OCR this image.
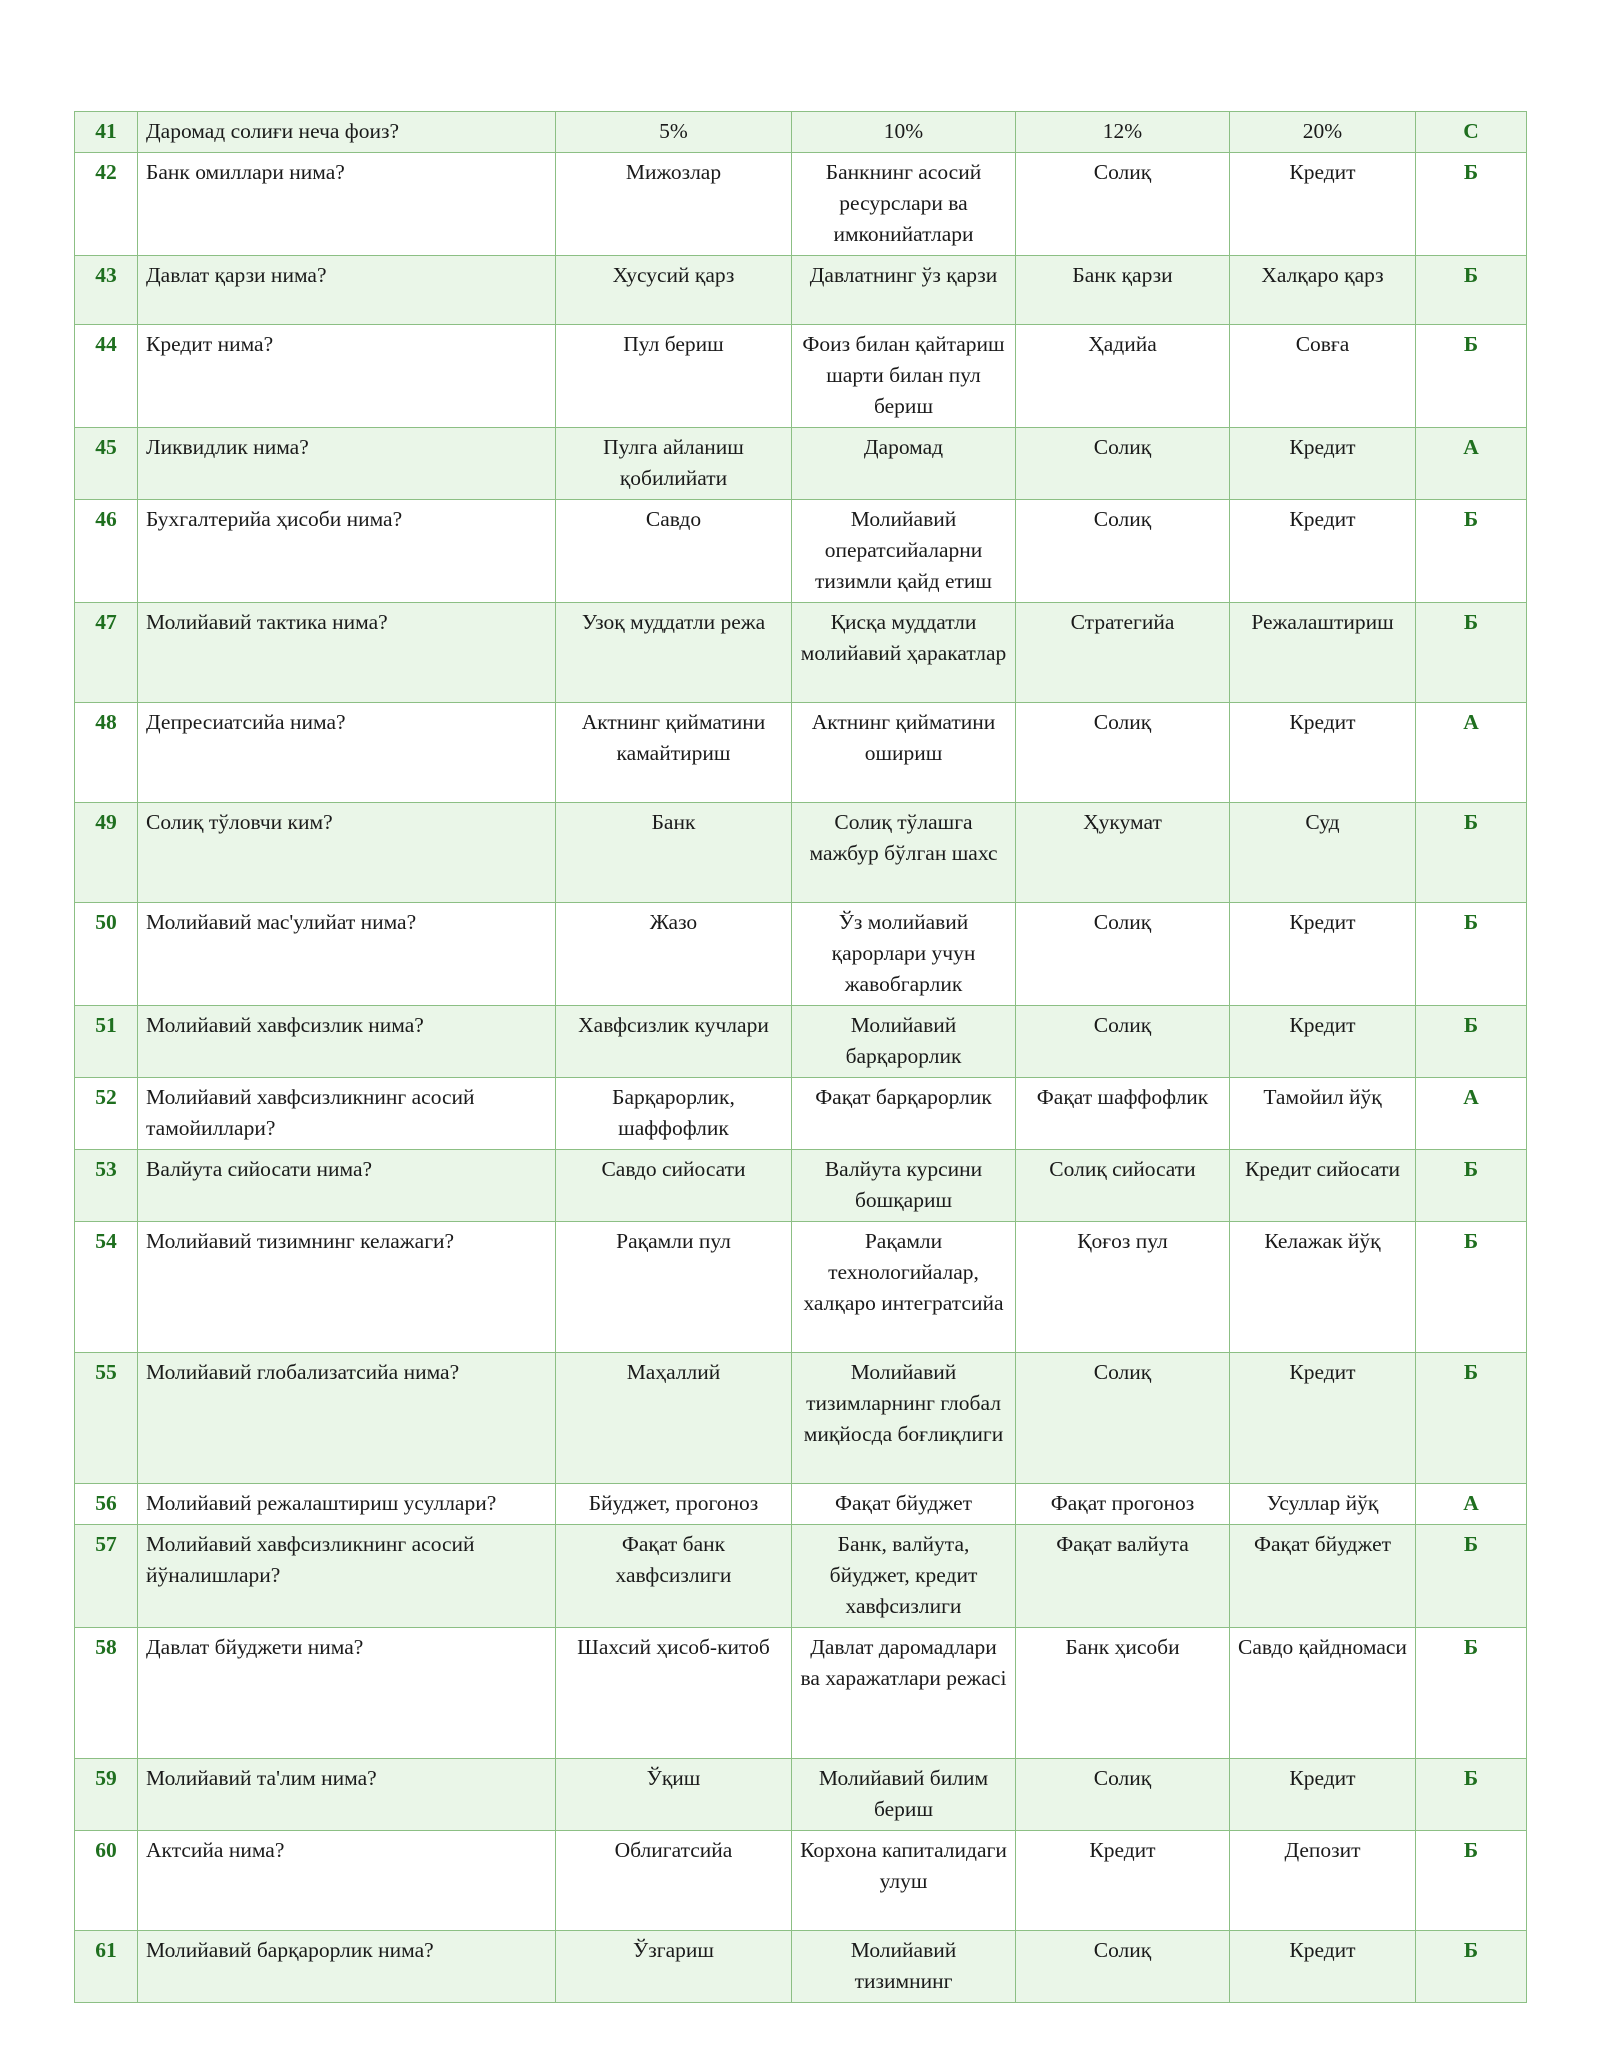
41	Даромад солиғи неча фоиз?	5%	10%	12%	20%	C
42	Банк омиллари нима?	Мижозлар	Банкнинг асосий ресурслари ва имконийатлари	Солиқ	Кредит	Б
43	Давлат қарзи нима?	Хусусий қарз	Давлатнинг ўз қарзи	Банк қарзи	Халқаро қарз	Б
44	Кредит нима?	Пул бериш	Фоиз билан қайтариш шарти билан пул бериш	Ҳадийа	Совға	Б
45	Ликвидлик нима?	Пулга айланиш қобилийати	Даромад	Солиқ	Кредит	А
46	Бухгалтерийа ҳисоби нима?	Савдо	Молийавий оператсийаларни тизимли қайд етиш	Солиқ	Кредит	Б
47	Молийавий тактика нима?	Узоқ муддатли режа	Қисқа муддатли молийавий ҳаракатлар	Стратегийа	Режалаштириш	Б
48	Депресиатсийа нима?	Актнинг қийматини камайтириш	Актнинг қийматини ошириш	Солиқ	Кредит	А
49	Солиқ тўловчи ким?	Банк	Солиқ тўлашга мажбур бўлган шахс	Ҳукумат	Суд	Б
50	Молийавий мас'улийат нима?	Жазо	Ўз молийавий қарорлари учун жавобгарлик	Солиқ	Кредит	Б
51	Молийавий хавфсизлик нима?	Хавфсизлик кучлари	Молийавий барқарорлик	Солиқ	Кредит	Б
52	Молийавий хавфсизликнинг асосий тамойиллари?	Барқарорлик, шаффофлик	Фақат барқарорлик	Фақат шаффофлик	Тамойил йўқ	А
53	Валйута сийосати нима?	Савдо сийосати	Валйута курсини бошқариш	Солиқ сийосати	Кредит сийосати	Б
54	Молийавий тизимнинг келажаги?	Рақамли пул	Рақамли технологийалар, халқаро интегратсийа	Қоғоз пул	Келажак йўқ	Б
55	Молийавий глобализатсийа нима?	Маҳаллий	Молийавий тизимларнинг глобал миқйосда боғлиқлиги	Солиқ	Кредит	Б
56	Молийавий режалаштириш усуллари?	Бйуджет, прогоноз	Фақат бйуджет	Фақат прогоноз	Усуллар йўқ	А
57	Молийавий хавфсизликнинг асосий йўналишлари?	Фақат банк хавфсизлиги	Банк, валйута, бйуджет, кредит хавфсизлиги	Фақат валйута	Фақат бйуджет	Б
58	Давлат бйуджети нима?	Шахсий ҳисоб-китоб	Давлат даромадлари ва харажатлари режасі	Банк ҳисоби	Савдо қайдномаси	Б
59	Молийавий та'лим нима?	Ўқиш	Молийавий билим бериш	Солиқ	Кредит	Б
60	Актсийа нима?	Облигатсийа	Корхона капиталидаги улуш	Кредит	Депозит	Б
61	Молийавий барқарорлик нима?	Ўзгариш	Молийавий тизимнинг	Солиқ	Кредит	Б
